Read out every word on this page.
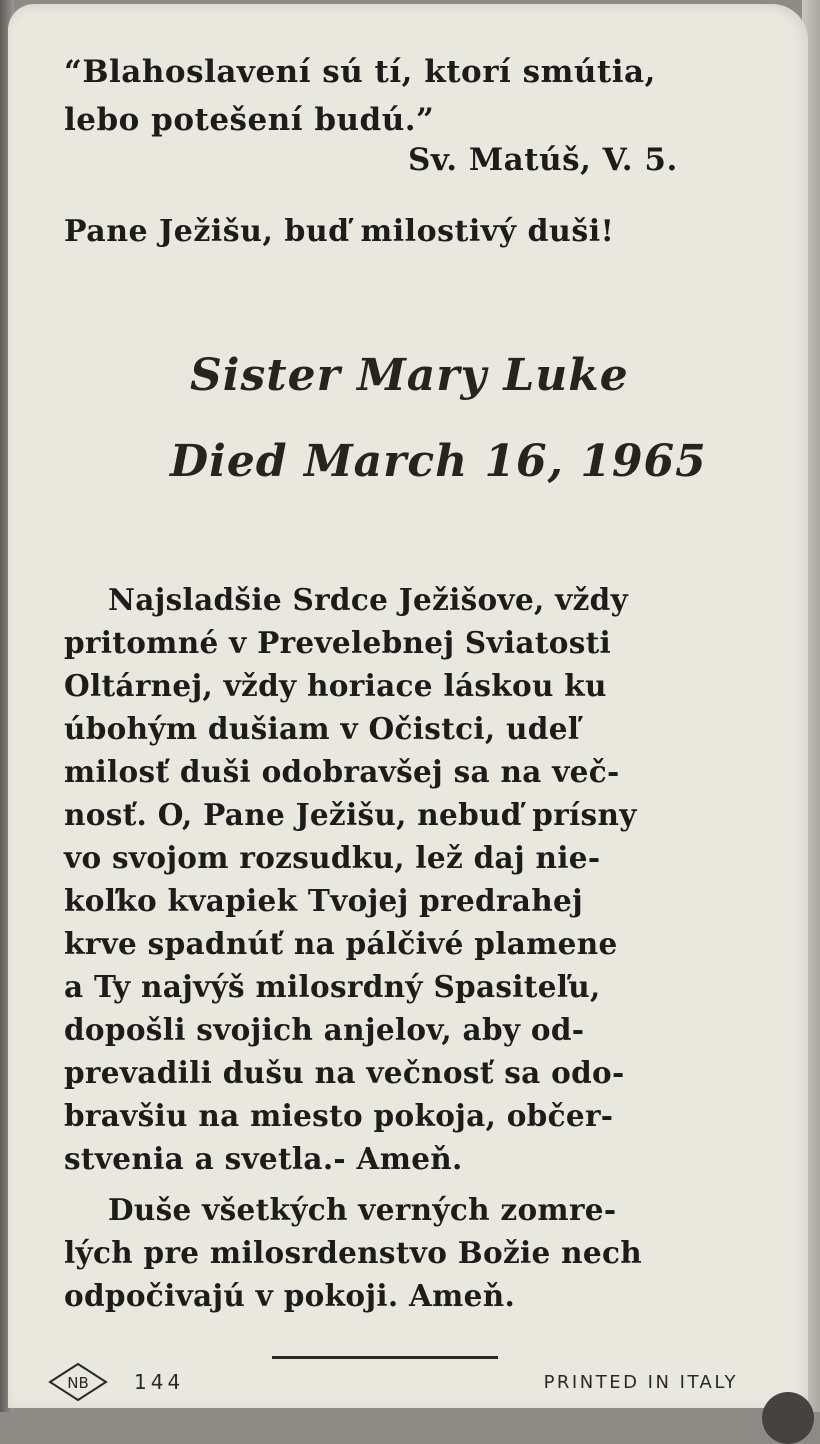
“Blahoslavení sú tí, ktorí smútia,

lebo potešení budú.”

Sv. Matúš, V. 5.

Pane Ježišu, buď milostivý duši!

Sister Mary Luke

Died March 16, 1965

Najsladšie Srdce Ježišove, vždy

pritomné v Prevelebnej Sviatosti

Oltárnej, vždy horiace láskou ku

úbohým dušiam v Očistci, udeľ

milosť duši odobravšej sa na več-

nosť. O, Pane Ježišu, nebuď prísny

vo svojom rozsudku, lež daj nie-

koľko kvapiek Tvojej predrahej

krve spadnúť na pálčivé plamene

a Ty najvýš milosrdný Spasiteľu,

dopošli svojich anjelov, aby od-

prevadili dušu na večnosť sa odo-

bravšiu na miesto pokoja, občer-

stvenia a svetla.- Ameň.

Duše všetkých verných zomre-

lých pre milosrdenstvo Božie nech

odpočivajú v pokoji. Ameň.

NB 144	PRINTED IN ITALY
